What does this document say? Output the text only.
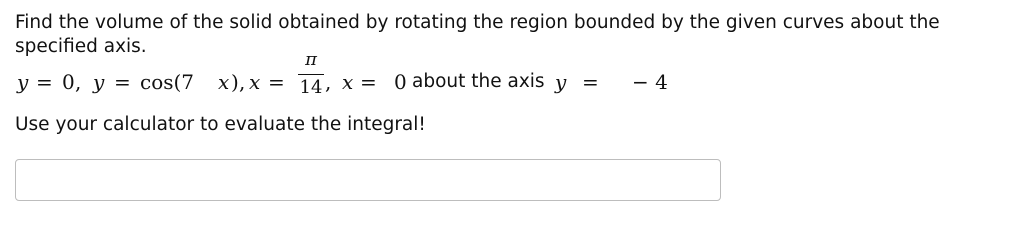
Find the volume of the solid obtained by rotating the region bounded by the given curves about the specified axis.

y = 0 , y = cos(7 x ) , x =
π
14 , x = 0 about the axis y = − 4

Use your calculator to evaluate the integral!
